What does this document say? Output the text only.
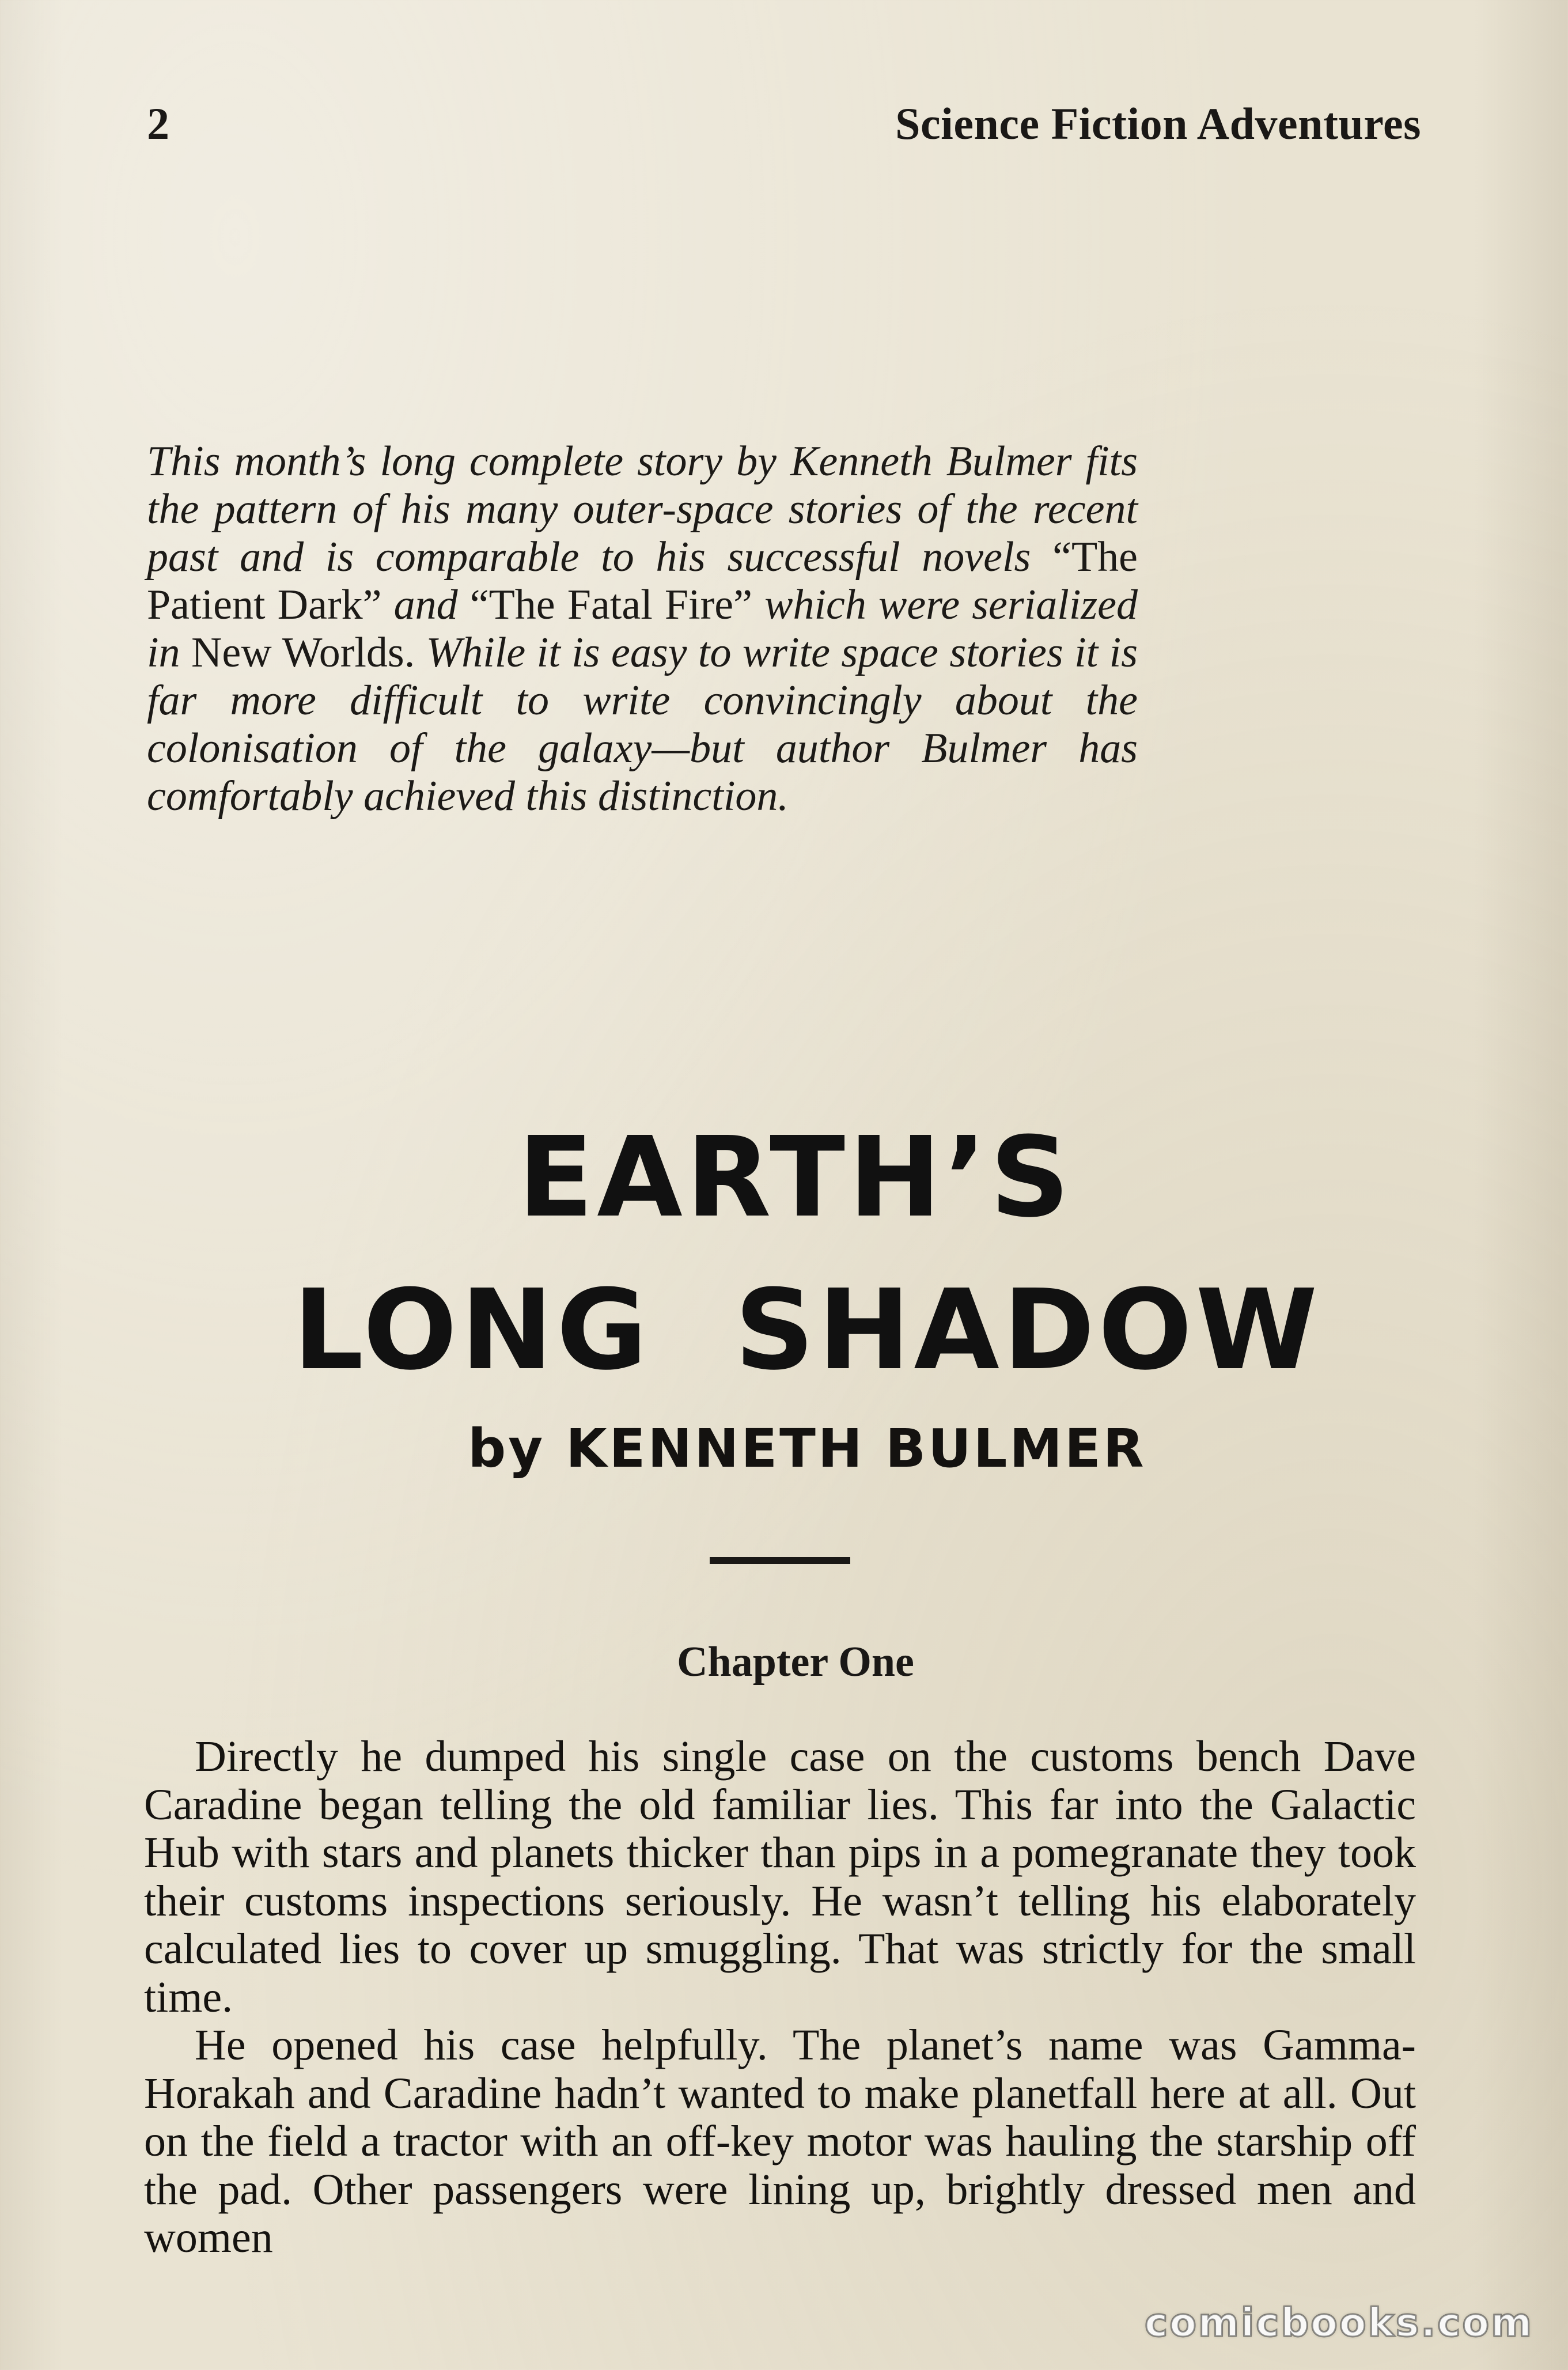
2	Science Fiction Adventures
This month’s long complete story by Kenneth Bulmer fits the pattern of his many outer-space stories of the recent past and is comparable to his successful novels “The Patient Dark” and “The Fatal Fire” which were serialized in New Worlds. While it is easy to write space stories it is far more difficult to write convincingly about the colonisation of the galaxy—but author Bulmer has comfortably achieved this distinction.
EARTH’S
LONG  SHADOW
by KENNETH BULMER
Chapter One

Directly he dumped his single case on the customs bench Dave Caradine began telling the old familiar lies. This far into the Galactic Hub with stars and planets thicker than pips in a pomegranate they took their customs inspections seriously. He wasn’t telling his elaborately calculated lies to cover up smuggling. That was strictly for the small time.

He opened his case helpfully. The planet’s name was Gamma-Horakah and Caradine hadn’t wanted to make planetfall here at all. Out on the field a tractor with an off-key motor was hauling the starship off the pad. Other passengers were lining up, brightly dressed men and women

comicbooks.com
